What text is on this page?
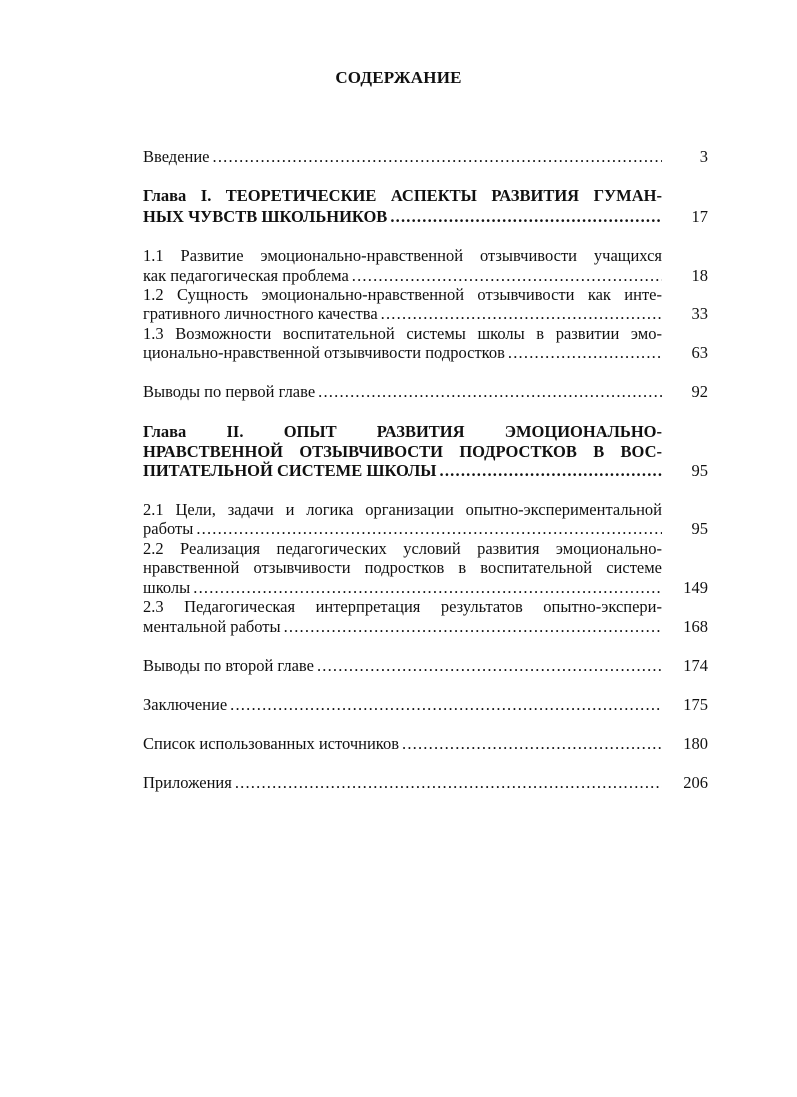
СОДЕРЖАНИЕ
Введение .....	3
Глава I. ТЕОРЕТИЧЕСКИЕ АСПЕКТЫ РАЗВИТИЯ ГУМАН-
НЫХ ЧУВСТВ ШКОЛЬНИКОВ .....	17
1.1 Развитие эмоционально-нравственной отзывчивости учащихся
как педагогическая проблема .....	18
1.2 Сущность эмоционально-нравственной отзывчивости как инте-
гративного личностного качества .....	33
1.3 Возможности воспитательной системы школы в развитии эмо-
ционально-нравственной отзывчивости подростков .....	63
Выводы по первой главе .....	92
Глава II. ОПЫТ РАЗВИТИЯ ЭМОЦИОНАЛЬНО-
НРАВСТВЕННОЙ ОТЗЫВЧИВОСТИ ПОДРОСТКОВ В ВОС-
ПИТАТЕЛЬНОЙ СИСТЕМЕ ШКОЛЫ .....	95
2.1 Цели, задачи и логика организации опытно-экспериментальной
работы .....	95
2.2 Реализация педагогических условий развития эмоционально-
нравственной отзывчивости подростков в воспитательной системе
школы .....	149
2.3 Педагогическая интерпретация результатов опытно-экспери-
ментальной работы .....	168
Выводы по второй главе .....	174
Заключение .....	175
Список использованных источников .....	180
Приложения .....	206
